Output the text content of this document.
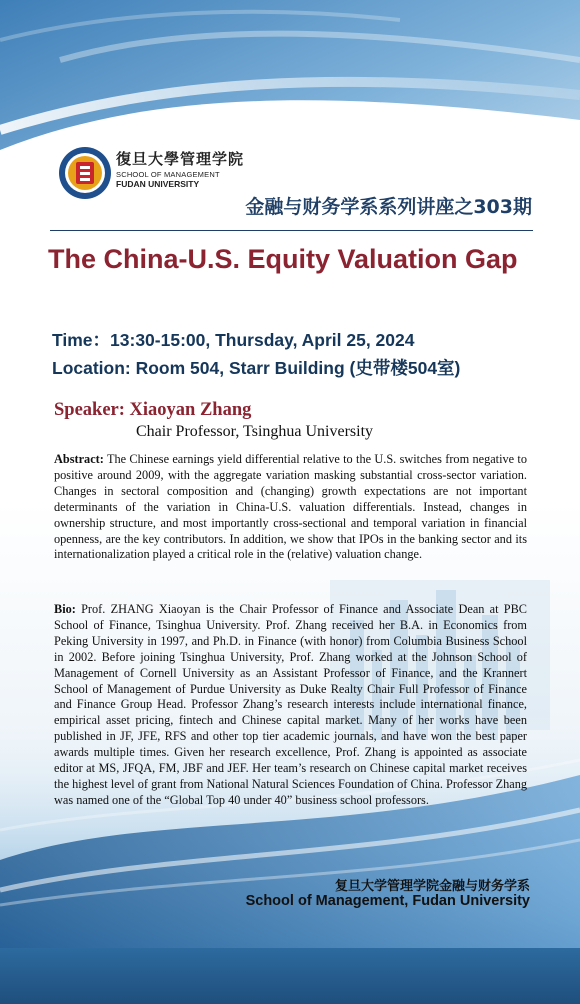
復旦大學管理学院
SCHOOL OF MANAGEMENT
FUDAN UNIVERSITY
金融与财务学系系列讲座之303期
The China-U.S. Equity Valuation Gap
Time：13:30-15:00, Thursday, April 25, 2024
Location: Room 504, Starr Building (史带楼504室)
Speaker: Xiaoyan Zhang
Chair Professor, Tsinghua University
Abstract: The Chinese earnings yield differential relative to the U.S. switches from negative to positive around 2009, with the aggregate variation masking substantial cross-sector variation. Changes in sectoral composition and (changing) growth expectations are not important determinants of the variation in China-U.S. valuation differentials. Instead, changes in ownership structure, and most importantly cross-sectional and temporal variation in financial openness, are the key contributors. In addition, we show that IPOs in the banking sector and its internationalization played a critical role in the (relative) valuation change.
Bio: Prof. ZHANG Xiaoyan is the Chair Professor of Finance and Associate Dean at PBC School of Finance, Tsinghua University. Prof. Zhang received her B.A. in Economics from Peking University in 1997, and Ph.D. in Finance (with honor) from Columbia Business School in 2002. Before joining Tsinghua University, Prof. Zhang worked at the Johnson School of Management of Cornell University as an Assistant Professor of Finance, and the Krannert School of Management of Purdue University as Duke Realty Chair Full Professor of Finance and Finance Group Head. Professor Zhang’s research interests include international finance, empirical asset pricing, fintech and Chinese capital market. Many of her works have been published in JF, JFE, RFS and other top tier academic journals, and have won the best paper awards multiple times. Given her research excellence, Prof. Zhang is appointed as associate editor at MS, JFQA, FM, JBF and JEF. Her team’s research on Chinese capital market receives the highest level of grant from National Natural Sciences Foundation of China. Professor Zhang was named one of the “Global Top 40 under 40” business school professors.
复旦大学管理学院金融与财务学系
School of Management, Fudan University
